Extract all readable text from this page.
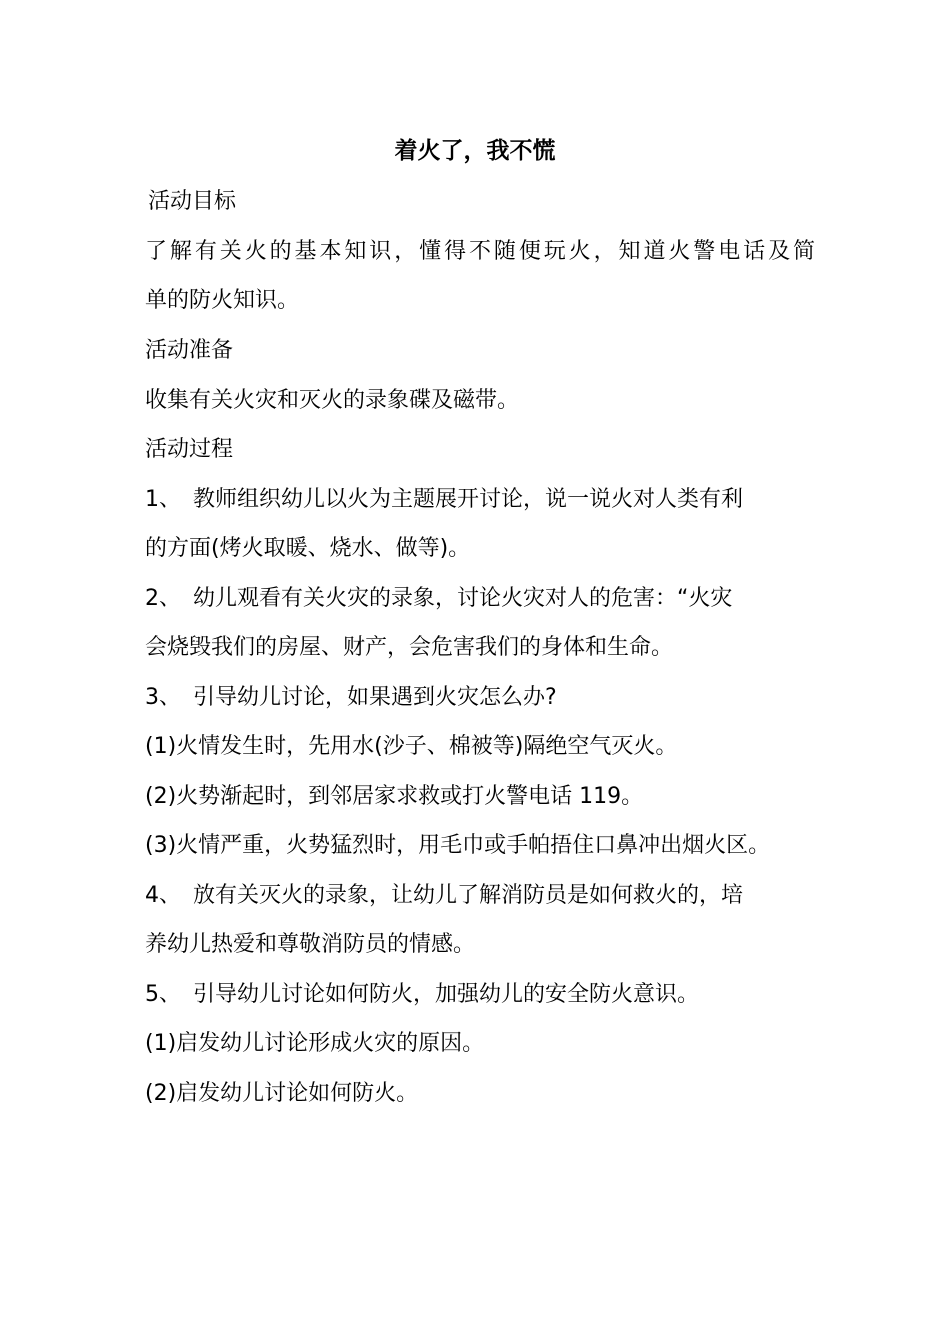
着火了，我不慌
活动目标
了解有关火的基本知识，懂得不随便玩火，知道火警电话及简
单的防火知识。
活动准备
收集有关火灾和灭火的录象碟及磁带。
活动过程
1、 教师组织幼儿以火为主题展开讨论，说一说火对人类有利
的方面(烤火取暖、烧水、做等)。
2、 幼儿观看有关火灾的录象，讨论火灾对人的危害：“火灾
会烧毁我们的房屋、财产，会危害我们的身体和生命。
3、 引导幼儿讨论，如果遇到火灾怎么办?
(1)火情发生时，先用水(沙子、棉被等)隔绝空气灭火。
(2)火势渐起时，到邻居家求救或打火警电话 119。
(3)火情严重，火势猛烈时，用毛巾或手帕捂住口鼻冲出烟火区。
4、 放有关灭火的录象，让幼儿了解消防员是如何救火的，培
养幼儿热爱和尊敬消防员的情感。
5、 引导幼儿讨论如何防火，加强幼儿的安全防火意识。
(1)启发幼儿讨论形成火灾的原因。
(2)启发幼儿讨论如何防火。
